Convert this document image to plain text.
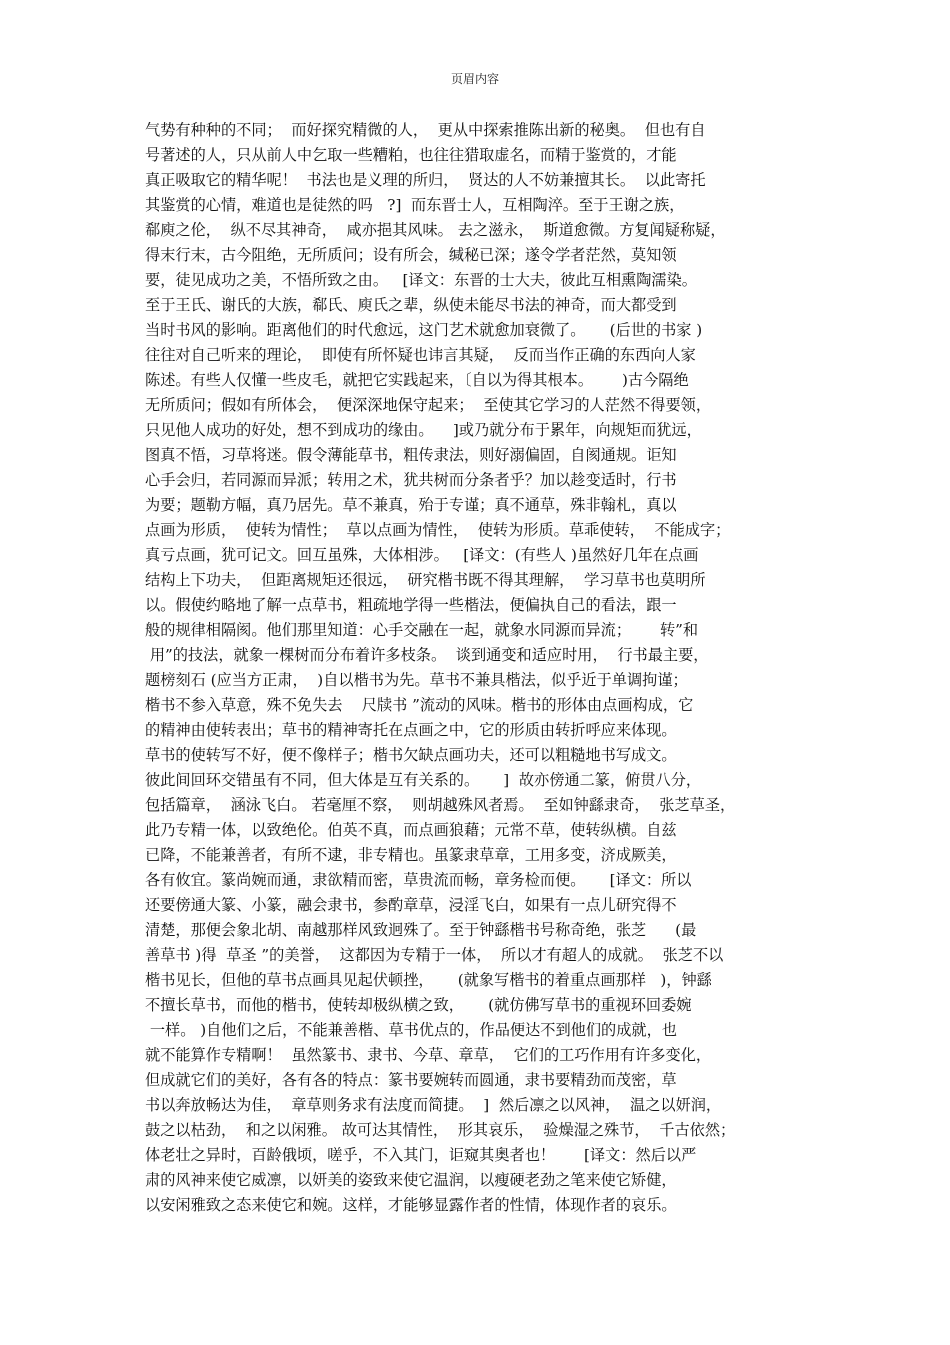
页眉内容
气势有种种的不同；  而好探究精微的人，  更从中探索推陈出新的秘奥。  但也有自
号著述的人，只从前人中乞取一些糟粕，也往往猎取虚名，而精于鉴赏的，才能
真正吸取它的精华呢！  书法也是义理的所归，  贤达的人不妨兼擅其长。  以此寄托
其鉴赏的心情，难道也是徒然的吗   ?]  而东晋士人，互相陶淬。至于王谢之族，
郗庾之伦，  纵不尽其神奇，  咸亦挹其风味。 去之滋永，  斯道愈微。方复闻疑称疑，
得末行末，古今阻绝，无所质问；设有所会，缄秘已深；遂令学者茫然，莫知领
要，徒见成功之美，不悟所致之由。   [译文：东晋的士大夫，彼此互相熏陶濡染。
至于王氏、谢氏的大族，郗氏、庾氏之辈，纵使未能尽书法的神奇，而大都受到
当时书风的影响。距离他们的时代愈远，这门艺术就愈加衰微了。     (后世的书家 )
往往对自己听来的理论，  即使有所怀疑也讳言其疑，  反而当作正确的东西向人家
陈述。有些人仅懂一些皮毛，就把它实践起来，〔自以为得其根本。      )古今隔绝
无所质问；假如有所体会，  便深深地保守起来；  至使其它学习的人茫然不得要领，
只见他人成功的好处，想不到成功的缘由。    ]或乃就分布于累年，向规矩而犹远，
图真不悟，习草将迷。假令薄能草书，粗传隶法，则好溺偏固，自阂通规。讵知
心手会归，若同源而异派；转用之术，犹共树而分条者乎？加以趁变适时，行书
为要；题勒方幅，真乃居先。草不兼真，殆于专谨；真不通草，殊非翰札，真以
点画为形质，  使转为情性；  草以点画为情性，  使转为形质。草乖使转，  不能成字；
真亏点画，犹可记文。回互虽殊，大体相涉。   [译文：(有些人 )虽然好几年在点画
结构上下功夫，  但距离规矩还很远，  研究楷书既不得其理解，  学习草书也莫明所
以。假使约略地了解一点草书，粗疏地学得一些楷法，便偏执自己的看法，跟一
般的规律相隔阂。他们那里知道：心手交融在一起，就象水同源而异流；      转”和
用”的技法，就象一棵树而分布着许多枝条。  谈到通变和适应时用，  行书最主要，
题榜刻石 (应当方正肃，  )自以楷书为先。草书不兼具楷法，似乎近于单调拘谨；
楷书不参入草意，殊不免失去    尺牍书 ”流动的风味。楷书的形体由点画构成，它
的精神由使转表出；草书的精神寄托在点画之中，它的形质由转折呼应来体现。
草书的使转写不好，便不像样子；楷书欠缺点画功夫，还可以粗糙地书写成文。
彼此间回环交错虽有不同，但大体是互有关系的。     ]  故亦傍通二篆，俯贯八分，
包括篇章，  涵泳飞白。 若毫厘不察，  则胡越殊风者焉。  至如钟繇隶奇，  张芝草圣，
此乃专精一体，以致绝伦。伯英不真，而点画狼藉；元常不草，使转纵横。自兹
已降，不能兼善者，有所不逮，非专精也。虽篆隶草章，工用多变，济成厥美，
各有攸宜。篆尚婉而通，隶欲精而密，草贵流而畅，章务检而便。     [译文：所以
还要傍通大篆、小篆，融会隶书，参酌章草，浸淫飞白，如果有一点儿研究得不
清楚，那便会象北胡、南越那样风致迥殊了。至于钟繇楷书号称奇绝，张芝      (最
善草书 )得  草圣 ”的美誉，  这都因为专精于一体，  所以才有超人的成就。  张芝不以
楷书见长，但他的草书点画具见起伏顿挫，     (就象写楷书的着重点画那样   )，钟繇
不擅长草书，而他的楷书，使转却极纵横之致，     (就仿佛写草书的重视环回委婉
一样。 )自他们之后，不能兼善楷、草书优点的，作品便达不到他们的成就，也
就不能算作专精啊！  虽然篆书、隶书、今草、章草，  它们的工巧作用有许多变化，
但成就它们的美好，各有各的特点：篆书要婉转而圆通，隶书要精劲而茂密，草
书以奔放畅达为佳，  章草则务求有法度而简捷。  ]  然后凛之以风神，  温之以妍润，
鼓之以枯劲，  和之以闲雅。 故可达其情性，  形其哀乐，  验燥湿之殊节，  千古依然；
体老壮之异时，百龄俄顷，嗟乎，不入其门，讵窥其奥者也！      [译文：然后以严
肃的风神来使它威凛，以妍美的姿致来使它温润，以瘦硬老劲之笔来使它矫健，
以安闲雅致之态来使它和婉。这样，才能够显露作者的性情，体现作者的哀乐。
